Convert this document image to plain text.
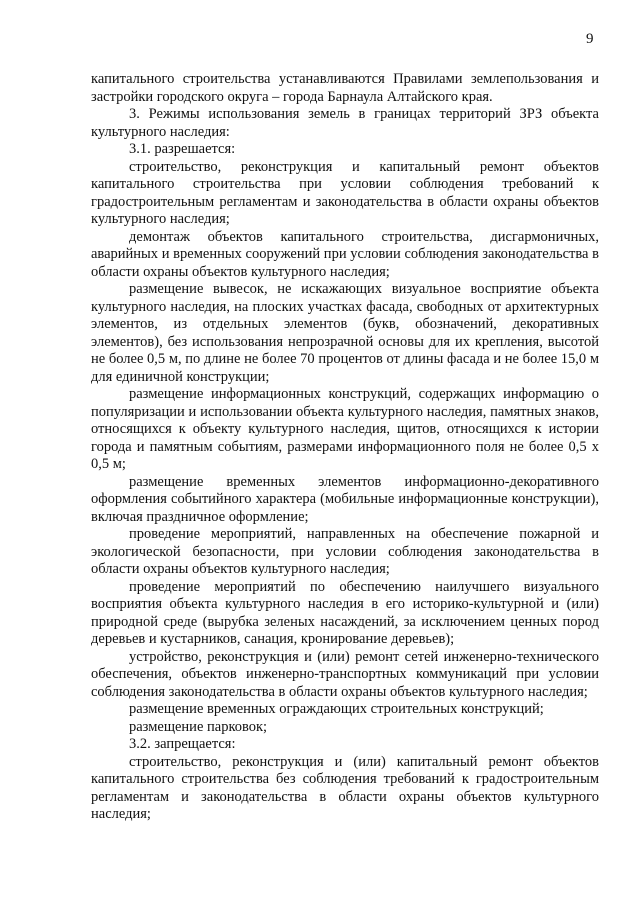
9

капитального строительства устанавливаются Правилами землепользования и застройки городского округа – города Барнаула Алтайского края.

3. Режимы использования земель в границах территорий ЗРЗ объекта культурного наследия:

3.1. разрешается:

строительство, реконструкция и капитальный ремонт объектов капитального строительства при условии соблюдения требований к градостроительным регламентам и законодательства в области охраны объектов культурного наследия;

демонтаж объектов капитального строительства, дисгармоничных, аварийных и временных сооружений при условии соблюдения законодательства в области охраны объектов культурного наследия;

размещение вывесок, не искажающих визуальное восприятие объекта культурного наследия, на плоских участках фасада, свободных от архитектурных элементов, из отдельных элементов (букв, обозначений, декоративных элементов), без использования непрозрачной основы для их крепления, высотой не более 0,5 м, по длине не более 70 процентов от длины фасада и не более 15,0 м для единичной конструкции;

размещение информационных конструкций, содержащих информацию о популяризации и использовании объекта культурного наследия, памятных знаков, относящихся к объекту культурного наследия, щитов, относящихся к истории города и памятным событиям, размерами информационного поля не более 0,5 х 0,5 м;

размещение временных элементов информационно-декоративного оформления событийного характера (мобильные информационные конструкции), включая праздничное оформление;

проведение мероприятий, направленных на обеспечение пожарной и экологической безопасности, при условии соблюдения законодательства в области охраны объектов культурного наследия;

проведение мероприятий по обеспечению наилучшего визуального восприятия объекта культурного наследия в его историко-культурной и (или) природной среде (вырубка зеленых насаждений, за исключением ценных пород деревьев и кустарников, санация, кронирование деревьев);

устройство, реконструкция и (или) ремонт сетей инженерно-технического обеспечения, объектов инженерно-транспортных коммуникаций при условии соблюдения законодательства в области охраны объектов культурного наследия;

размещение временных ограждающих строительных конструкций;

размещение парковок;

3.2. запрещается:

строительство, реконструкция и (или) капитальный ремонт объектов капитального строительства без соблюдения требований к градостроительным регламентам и законодательства в области охраны объектов культурного наследия;
